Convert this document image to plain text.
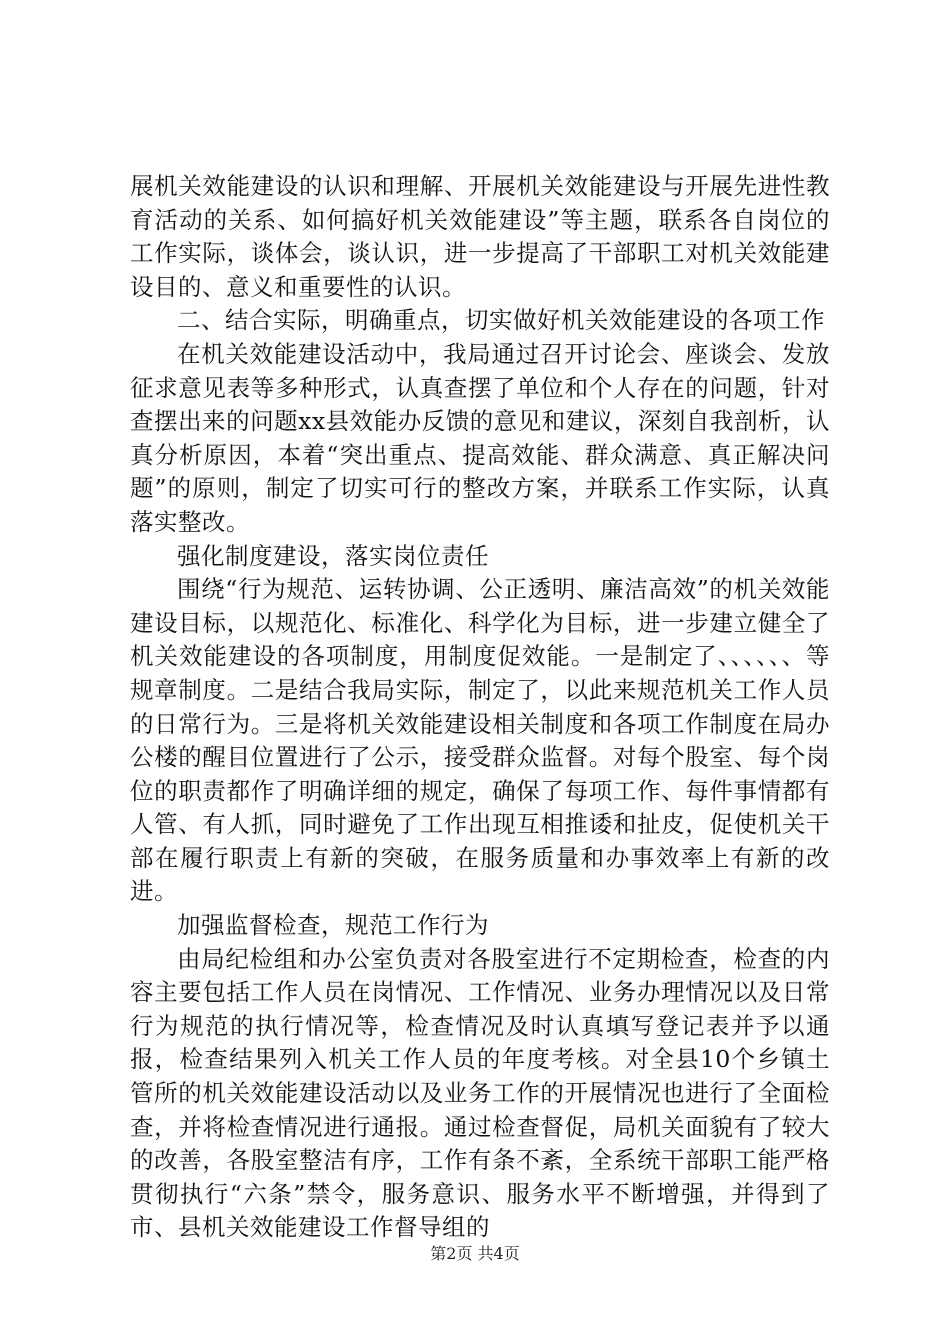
展机关效能建设的认识和理解、开展机关效能建设与开展先进性教育活动的关系、如何搞好机关效能建设”等主题，联系各自岗位的工作实际，谈体会，谈认识，进一步提高了干部职工对机关效能建设目的、意义和重要性的认识。

二、结合实际，明确重点，切实做好机关效能建设的各项工作

在机关效能建设活动中，我局通过召开讨论会、座谈会、发放征求意见表等多种形式，认真查摆了单位和个人存在的问题，针对查摆出来的问题xx县效能办反馈的意见和建议，深刻自我剖析，认真分析原因，本着“突出重点、提高效能、群众满意、真正解决问题”的原则，制定了切实可行的整改方案，并联系工作实际，认真落实整改。

强化制度建设，落实岗位责任

围绕“行为规范、运转协调、公正透明、廉洁高效”的机关效能建设目标，以规范化、标准化、科学化为目标，进一步建立健全了机关效能建设的各项制度，用制度促效能。一是制定了、、、、、、等规章制度。二是结合我局实际，制定了，以此来规范机关工作人员的日常行为。三是将机关效能建设相关制度和各项工作制度在局办公楼的醒目位置进行了公示，接受群众监督。对每个股室、每个岗位的职责都作了明确详细的规定，确保了每项工作、每件事情都有人管、有人抓，同时避免了工作出现互相推诿和扯皮，促使机关干部在履行职责上有新的突破，在服务质量和办事效率上有新的改进。

加强监督检查，规范工作行为

由局纪检组和办公室负责对各股室进行不定期检查，检查的内容主要包括工作人员在岗情况、工作情况、业务办理情况以及日常行为规范的执行情况等，检查情况及时认真填写登记表并予以通报，检查结果列入机关工作人员的年度考核。对全县10个乡镇土管所的机关效能建设活动以及业务工作的开展情况也进行了全面检查，并将检查情况进行通报。通过检查督促，局机关面貌有了较大的改善，各股室整洁有序，工作有条不紊，全系统干部职工能严格贯彻执行“六条”禁令，服务意识、服务水平不断增强，并得到了市、县机关效能建设工作督导组的

第2页 共4页
